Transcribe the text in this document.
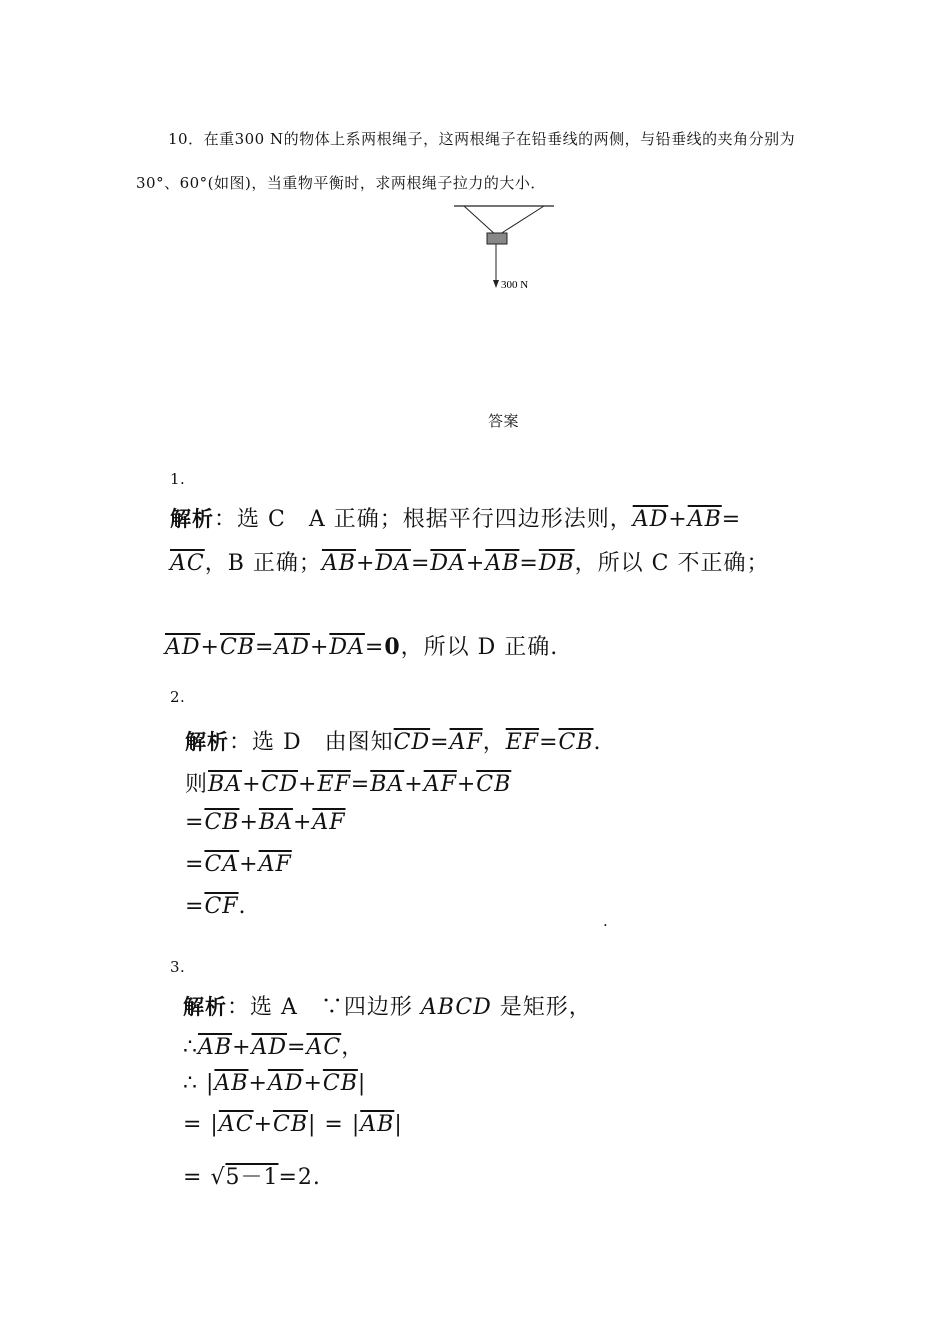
10．在重300 N的物体上系两根绳子，这两根绳子在铅垂线的两侧，与铅垂线的夹角分别为
30°、60°(如图)，当重物平衡时，求两根绳子拉力的大小．
300 N
答案
1.
解析：选 C　A 正确；根据平行四边形法则，$\overline{AD}+\overline{AB}=$
$\overline{AC}$，B 正确；$\overline{AB}+\overline{DA}=\overline{DA}+\overline{AB}=\overline{DB}$，所以 C 不正确；
$\overline{AD}+\overline{CB}=\overline{AD}+\overline{DA}=0$，所以 D 正确.
2.
解析：选 D　由图知$\overline{CD}=\overline{AF}$，$\overline{EF}=\overline{CB}$.
则$\overline{BA}+\overline{CD}+\overline{EF}=\overline{BA}+\overline{AF}+\overline{CB}$
$=\overline{CB}+\overline{BA}+\overline{AF}$
$=\overline{CA}+\overline{AF}$
$=\overline{CF}$.
.
3.
解析：选 A　∵四边形 ABCD 是矩形，
$\therefore\overline{AB}+\overline{AD}=\overline{AC}$，
∴ $|\overline{AB}+\overline{AD}+\overline{CB}|$
= $|\overline{AC}+\overline{CB}| = |\overline{AB}|$
= √5－1=2.
